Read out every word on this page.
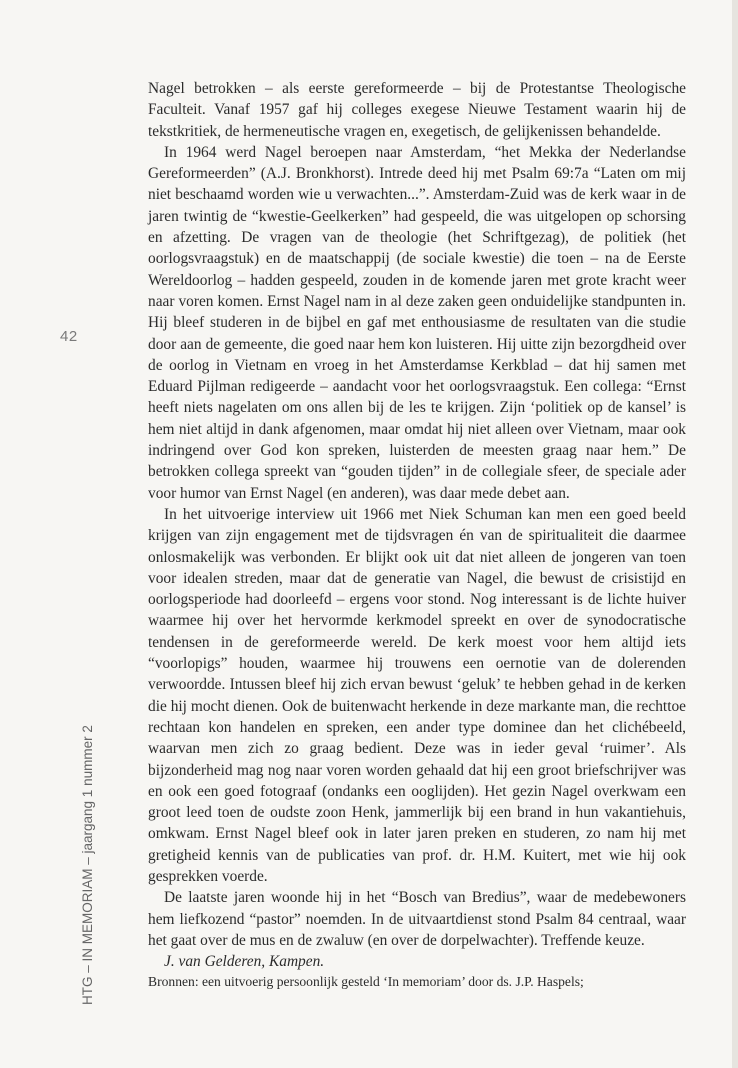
42
HTG – IN MEMORIAM – jaargang 1 nummer 2

Nagel betrokken – als eerste gereformeerde – bij de Protestantse Theologische Faculteit. Vanaf 1957 gaf hij colleges exegese Nieuwe Testament waarin hij de tekstkritiek, de hermeneutische vragen en, exegetisch, de gelijkenissen behandelde.

In 1964 werd Nagel beroepen naar Amsterdam, “het Mekka der Nederlandse Gereformeerden” (A.J. Bronkhorst). Intrede deed hij met Psalm 69:7a “Laten om mij niet beschaamd worden wie u verwachten...”. Amsterdam-Zuid was de kerk waar in de jaren twintig de “kwestie-Geelkerken” had gespeeld, die was uitgelopen op schorsing en afzetting. De vragen van de theologie (het Schriftgezag), de politiek (het oorlogsvraagstuk) en de maatschappij (de sociale kwestie) die toen – na de Eerste Wereldoorlog – hadden gespeeld, zouden in de komende jaren met grote kracht weer naar voren komen. Ernst Nagel nam in al deze zaken geen onduidelijke standpunten in. Hij bleef studeren in de bijbel en gaf met enthousiasme de resultaten van die studie door aan de gemeente, die goed naar hem kon luisteren. Hij uitte zijn bezorgdheid over de oorlog in Vietnam en vroeg in het Amsterdamse Kerkblad – dat hij samen met Eduard Pijlman redigeerde – aandacht voor het oorlogsvraagstuk. Een collega: “Ernst heeft niets nagelaten om ons allen bij de les te krijgen. Zijn ‘politiek op de kansel’ is hem niet altijd in dank afgenomen, maar omdat hij niet alleen over Vietnam, maar ook indringend over God kon spreken, luisterden de meesten graag naar hem.” De betrokken collega spreekt van “gouden tijden” in de collegiale sfeer, de speciale ader voor humor van Ernst Nagel (en anderen), was daar mede debet aan.

In het uitvoerige interview uit 1966 met Niek Schuman kan men een goed beeld krijgen van zijn engagement met de tijdsvragen én van de spiritualiteit die daarmee onlosmakelijk was verbonden. Er blijkt ook uit dat niet alleen de jongeren van toen voor idealen streden, maar dat de generatie van Nagel, die bewust de crisistijd en oorlogsperiode had doorleefd – ergens voor stond. Nog interessant is de lichte huiver waarmee hij over het hervormde kerkmodel spreekt en over de synodocratische tendensen in de gereformeerde wereld. De kerk moest voor hem altijd iets “voorlopigs” houden, waarmee hij trouwens een oernotie van de dolerenden verwoordde. Intussen bleef hij zich ervan bewust ‘geluk’ te hebben gehad in de kerken die hij mocht dienen. Ook de buitenwacht herkende in deze markante man, die rechttoe rechtaan kon handelen en spreken, een ander type dominee dan het clichébeeld, waarvan men zich zo graag bedient. Deze was in ieder geval ‘ruimer’. Als bijzonderheid mag nog naar voren worden gehaald dat hij een groot briefschrijver was en ook een goed fotograaf (ondanks een ooglijden). Het gezin Nagel overkwam een groot leed toen de oudste zoon Henk, jammerlijk bij een brand in hun vakantiehuis, omkwam. Ernst Nagel bleef ook in later jaren preken en studeren, zo nam hij met gretigheid kennis van de publicaties van prof. dr. H.M. Kuitert, met wie hij ook gesprekken voerde.

De laatste jaren woonde hij in het “Bosch van Bredius”, waar de medebewoners hem liefkozend “pastor” noemden. In de uitvaartdienst stond Psalm 84 centraal, waar het gaat over de mus en de zwaluw (en over de dorpelwachter). Treffende keuze.

J. van Gelderen, Kampen.

Bronnen: een uitvoerig persoonlijk gesteld ‘In memoriam’ door ds. J.P. Haspels;
